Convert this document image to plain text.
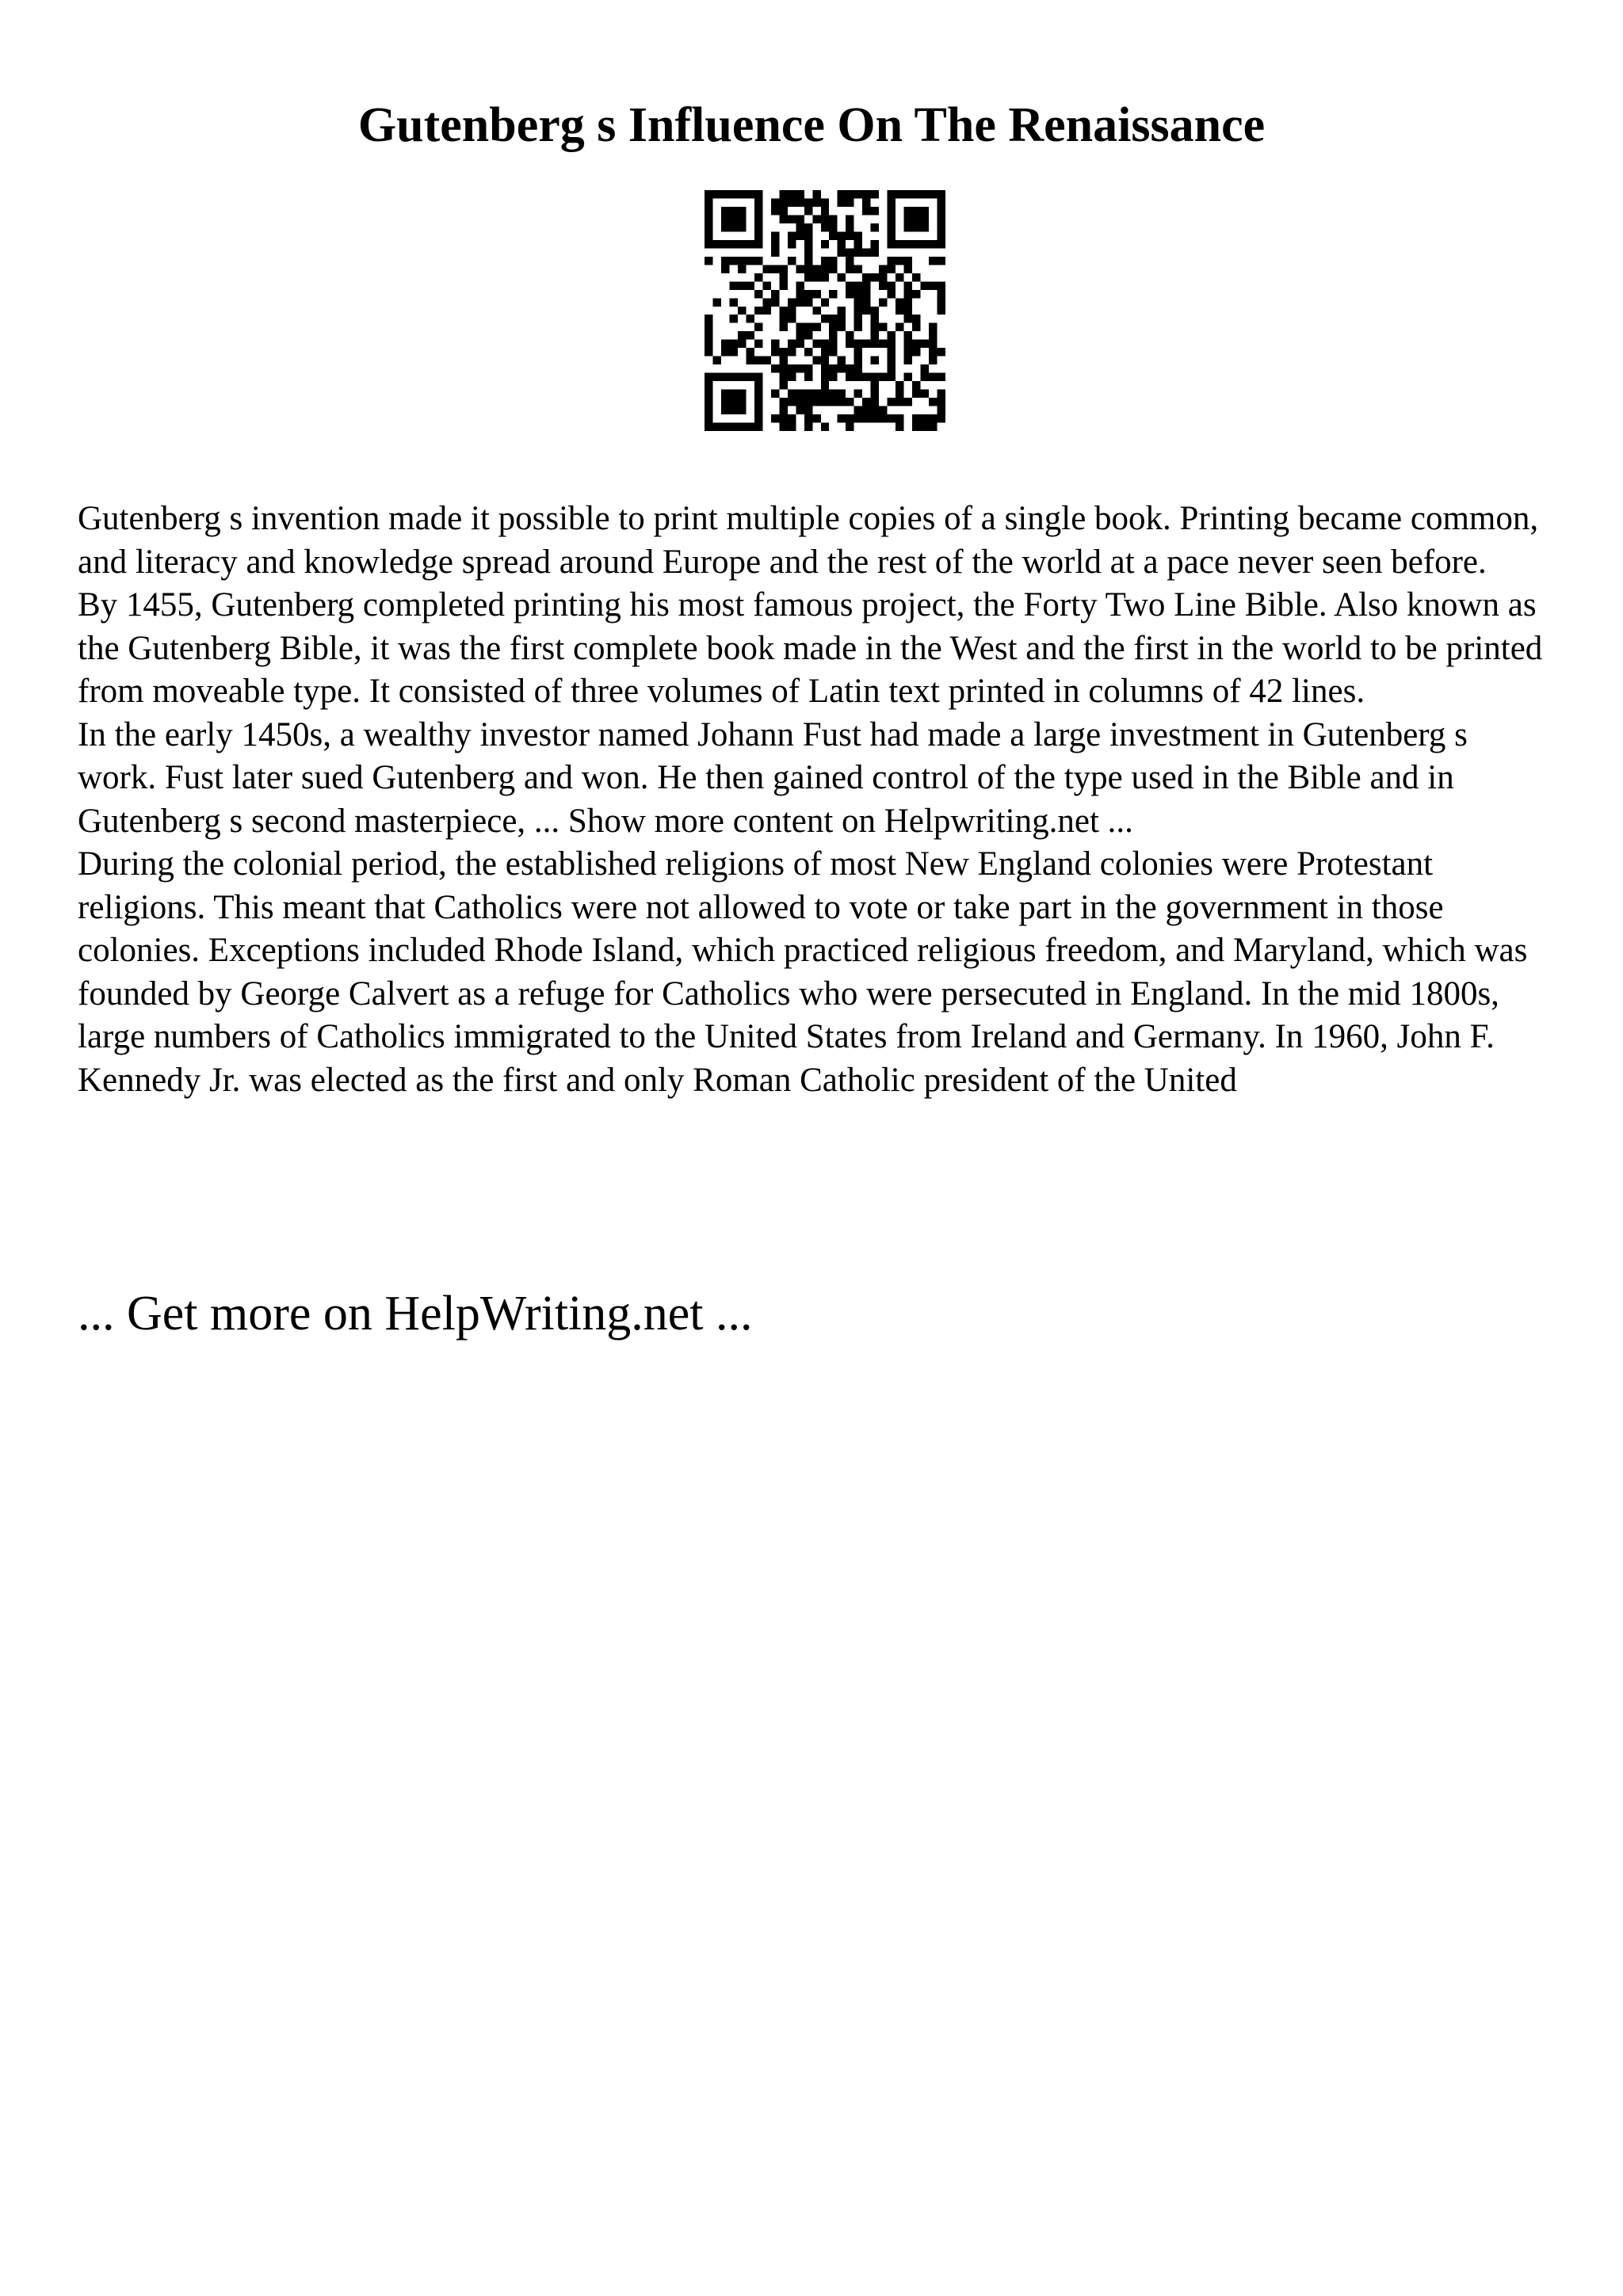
Gutenberg s Influence On The Renaissance

Gutenberg s invention made it possible to print multiple copies of a single book. Printing became common, and literacy and knowledge spread around Europe and the rest of the world at a pace never seen before.

By 1455, Gutenberg completed printing his most famous project, the Forty Two Line Bible. Also known as the Gutenberg Bible, it was the first complete book made in the West and the first in the world to be printed from moveable type. It consisted of three volumes of Latin text printed in columns of 42 lines.

In the early 1450s, a wealthy investor named Johann Fust had made a large investment in Gutenberg s work. Fust later sued Gutenberg and won. He then gained control of the type used in the Bible and in Gutenberg s second masterpiece, ... Show more content on Helpwriting.net ...

During the colonial period, the established religions of most New England colonies were Protestant religions. This meant that Catholics were not allowed to vote or take part in the government in those colonies. Exceptions included Rhode Island, which practiced religious freedom, and Maryland, which was founded by George Calvert as a refuge for Catholics who were persecuted in England. In the mid 1800s, large numbers of Catholics immigrated to the United States from Ireland and Germany. In 1960, John F. Kennedy Jr. was elected as the first and only Roman Catholic president of the United

... Get more on HelpWriting.net ...
